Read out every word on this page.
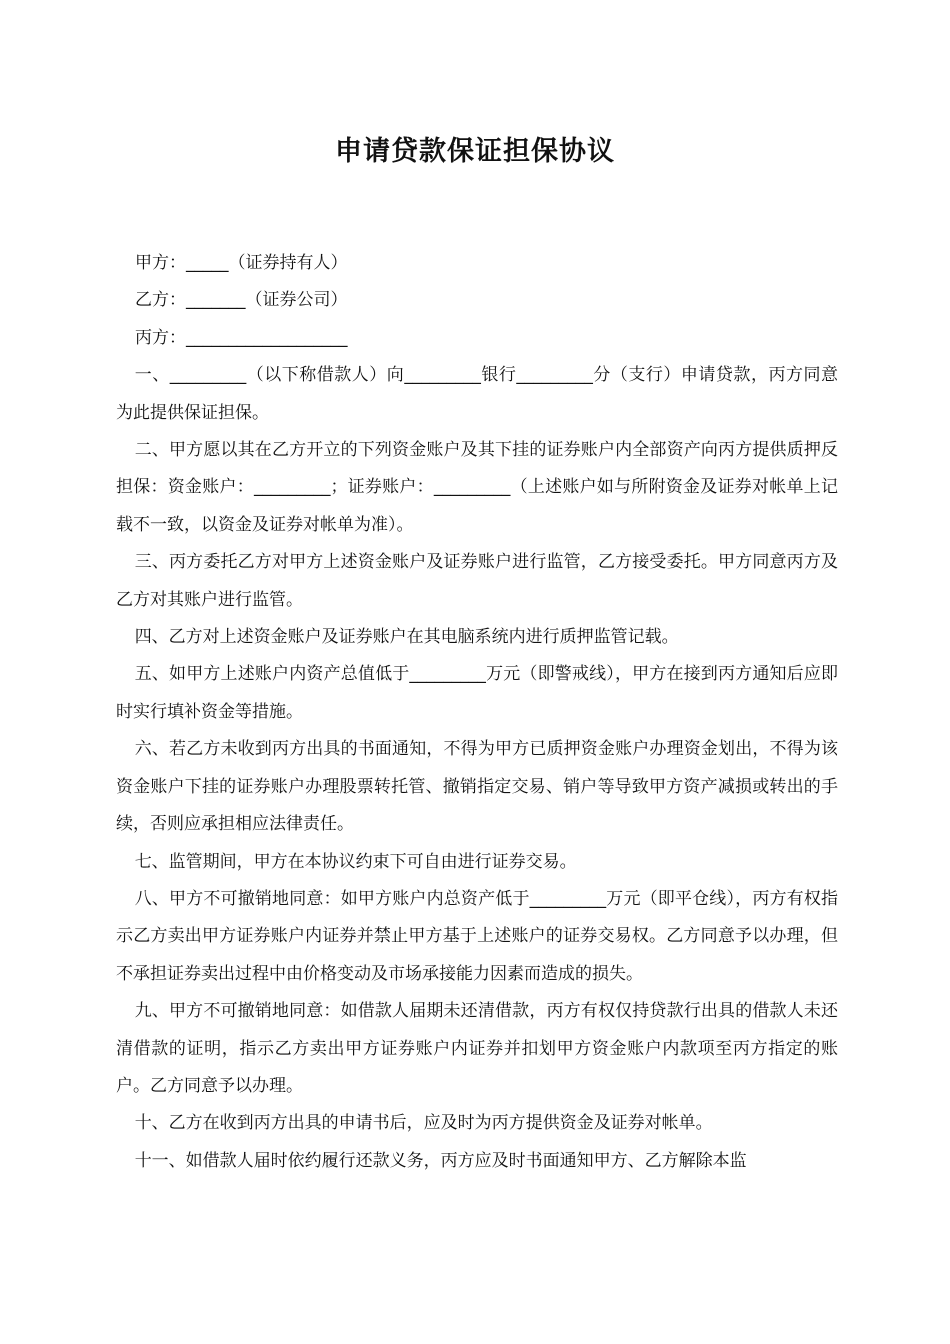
申请贷款保证担保协议

甲方：_____（证券持有人）

乙方：_______（证券公司）

丙方：___________________

一、_________（以下称借款人）向_________银行_________分（支行）申请贷款，丙方同意为此提供保证担保。

二、甲方愿以其在乙方开立的下列资金账户及其下挂的证券账户内全部资产向丙方提供质押反担保：资金账户：_________；证券账户：_________（上述账户如与所附资金及证券对帐单上记载不一致，以资金及证券对帐单为准）。

三、丙方委托乙方对甲方上述资金账户及证券账户进行监管，乙方接受委托。甲方同意丙方及乙方对其账户进行监管。

四、乙方对上述资金账户及证券账户在其电脑系统内进行质押监管记载。

五、如甲方上述账户内资产总值低于_________万元（即警戒线），甲方在接到丙方通知后应即时实行填补资金等措施。

六、若乙方未收到丙方出具的书面通知，不得为甲方已质押资金账户办理资金划出，不得为该资金账户下挂的证券账户办理股票转托管、撤销指定交易、销户等导致甲方资产减损或转出的手续，否则应承担相应法律责任。

七、监管期间，甲方在本协议约束下可自由进行证券交易。

八、甲方不可撤销地同意：如甲方账户内总资产低于_________万元（即平仓线），丙方有权指示乙方卖出甲方证券账户内证券并禁止甲方基于上述账户的证券交易权。乙方同意予以办理，但不承担证券卖出过程中由价格变动及市场承接能力因素而造成的损失。

九、甲方不可撤销地同意：如借款人届期未还清借款，丙方有权仅持贷款行出具的借款人未还清借款的证明，指示乙方卖出甲方证券账户内证券并扣划甲方资金账户内款项至丙方指定的账户。乙方同意予以办理。

十、乙方在收到丙方出具的申请书后，应及时为丙方提供资金及证券对帐单。

十一、如借款人届时依约履行还款义务，丙方应及时书面通知甲方、乙方解除本监
